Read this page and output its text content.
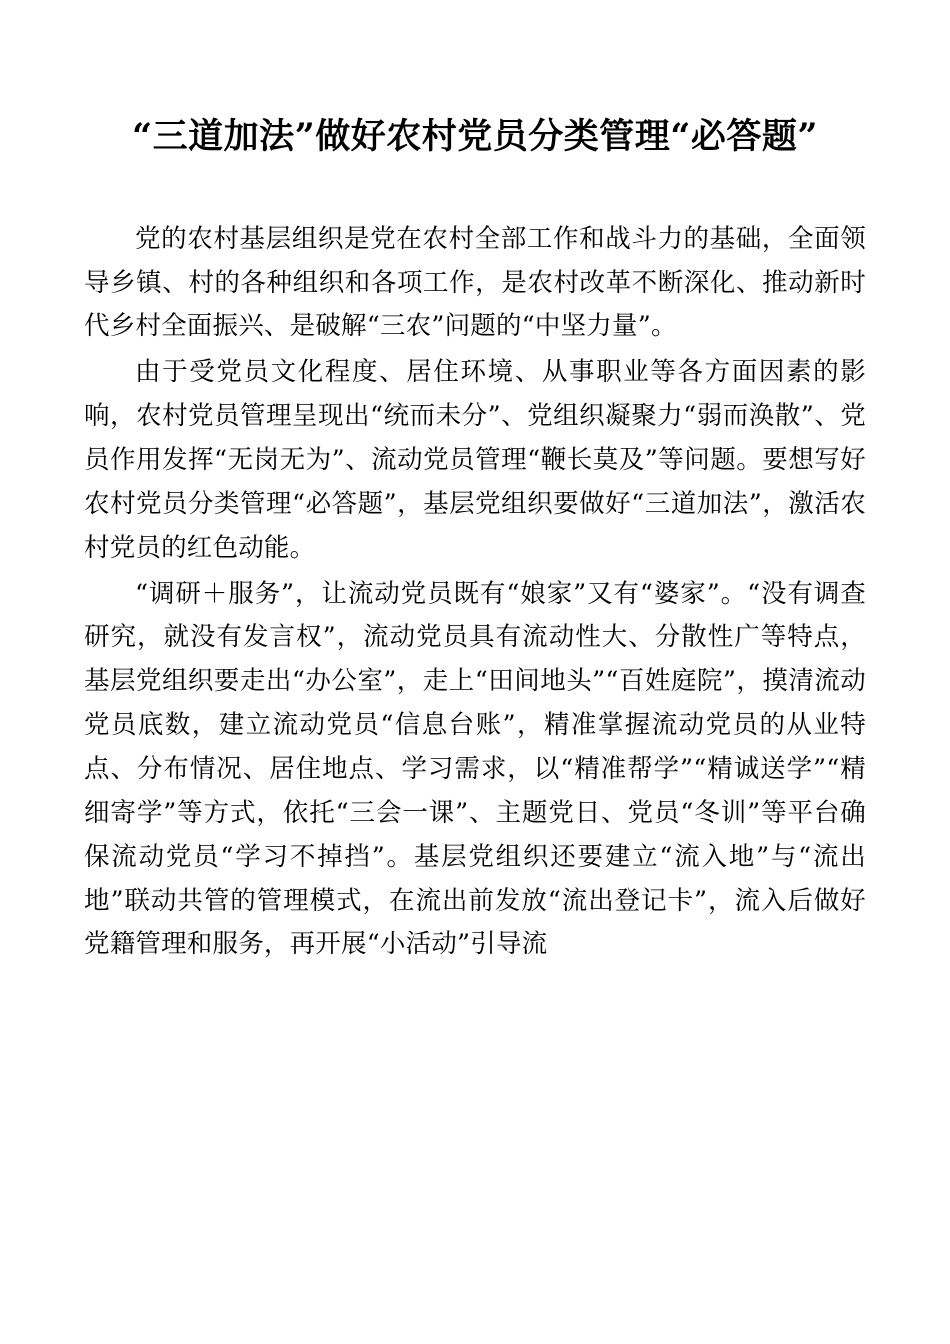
“三道加法”做好农村党员分类管理“必答题”

党的农村基层组织是党在农村全部工作和战斗力的基础，全面领导乡镇、村的各种组织和各项工作，是农村改革不断深化、推动新时代乡村全面振兴、是破解“三农”问题的“中坚力量”。

由于受党员文化程度、居住环境、从事职业等各方面因素的影响，农村党员管理呈现出“统而未分”、党组织凝聚力“弱而涣散”、党员作用发挥“无岗无为”、流动党员管理“鞭长莫及”等问题。要想写好农村党员分类管理“必答题”，基层党组织要做好“三道加法”，激活农村党员的红色动能。

“调研＋服务”，让流动党员既有“娘家”又有“婆家”。“没有调查研究，就没有发言权”，流动党员具有流动性大、分散性广等特点，基层党组织要走出“办公室”，走上“田间地头”“百姓庭院”，摸清流动党员底数，建立流动党员“信息台账”，精准掌握流动党员的从业特点、分布情况、居住地点、学习需求，以“精准帮学”“精诚送学”“精细寄学”等方式，依托“三会一课”、主题党日、党员“冬训”等平台确保流动党员“学习不掉挡”。基层党组织还要建立“流入地”与“流出地”联动共管的管理模式，在流出前发放“流出登记卡”，流入后做好党籍管理和服务，再开展“小活动”引导流
